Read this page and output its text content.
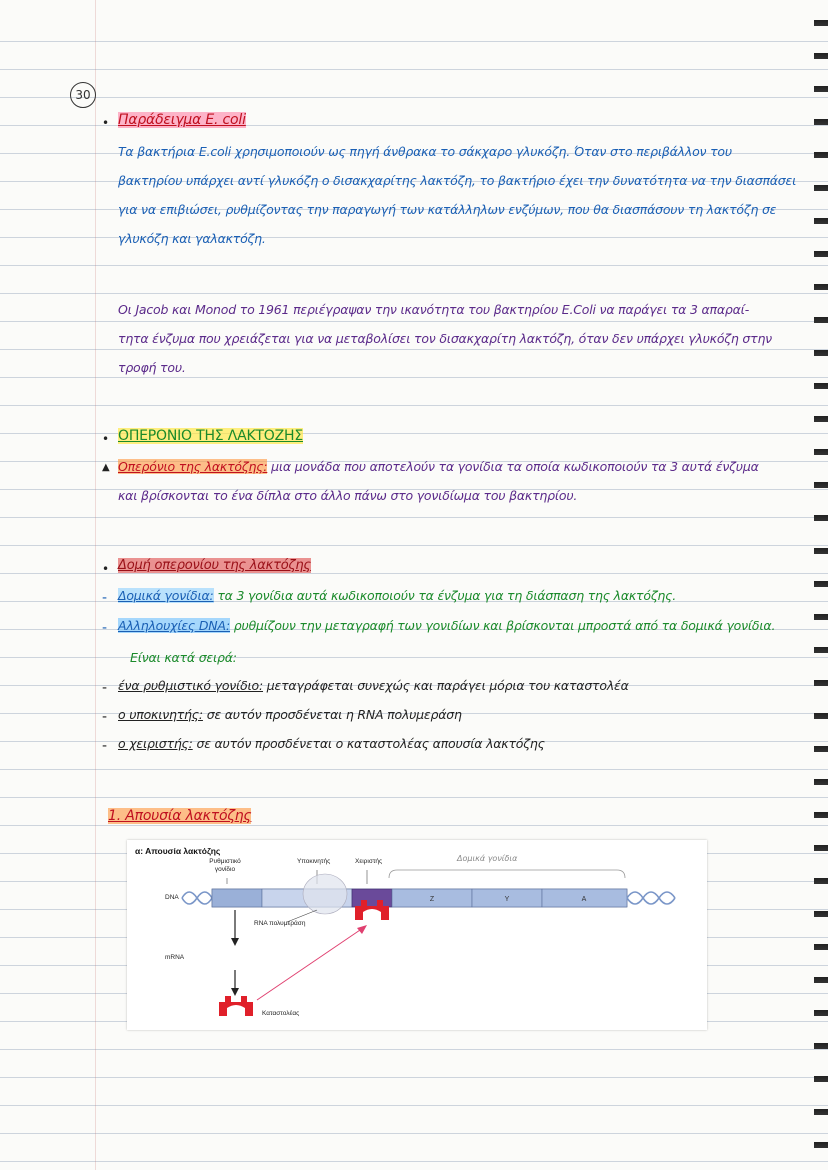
30
• Παράδειγμα E. coli
Τα βακτήρια E.coli χρησιμοποιούν ως πηγή άνθρακα το σάκχαρο γλυκόζη. Όταν στο περιβάλλον του
βακτηρίου υπάρχει αντί γλυκόζη ο δισακχαρίτης λακτόζη, το βακτήριο έχει την δυνατότητα να την διασπάσει
για να επιβιώσει, ρυθμίζοντας την παραγωγή των κατάλληλων ενζύμων, που θα διασπάσουν τη λακτόζη σε
γλυκόζη και γαλακτόζη.
Οι Jacob και Monod το 1961 περιέγραψαν την ικανότητα του βακτηρίου E.Coli να παράγει τα 3 απαραί-
τητα ένζυμα που χρειάζεται για να μεταβολίσει τον δισακχαρίτη λακτόζη, όταν δεν υπάρχει γλυκόζη στην
τροφή του.
• ΟΠΕΡΟΝΙΟ ΤΗΣ ΛΑΚΤΟΖΗΣ
▲ Οπερόνιο της λακτόζης: μια μονάδα που αποτελούν τα γονίδια τα οποία κωδικοποιούν τα 3 αυτά ένζυμα
και βρίσκονται το ένα δίπλα στο άλλο πάνω στο γονιδίωμα του βακτηρίου.
• Δομή οπερονίου της λακτόζης
- Δομικά γονίδια: τα 3 γονίδια αυτά κωδικοποιούν τα ένζυμα για τη διάσπαση της λακτόζης.
- Αλληλουχίες DNA: ρυθμίζουν την μεταγραφή των γονιδίων και βρίσκονται μπροστά από τα δομικά γονίδια.
Είναι κατά σειρά:
- ένα ρυθμιστικό γονίδιο: μεταγράφεται συνεχώς και παράγει μόρια του καταστολέα
- ο υποκινητής: σε αυτόν προσδένεται η RNA πολυμεράση
- ο χειριστής: σε αυτόν προσδένεται ο καταστολέας απουσία λακτόζης
1. Απουσία λακτόζης
α: Απουσία λακτόζης
Ρυθμιστικό γονίδιο
Υποκινητής	Χειριστής	Δομικά γονίδια
DNA
mRNA
RNA πολυμεράση
Καταστολέας
Z	Y	A
